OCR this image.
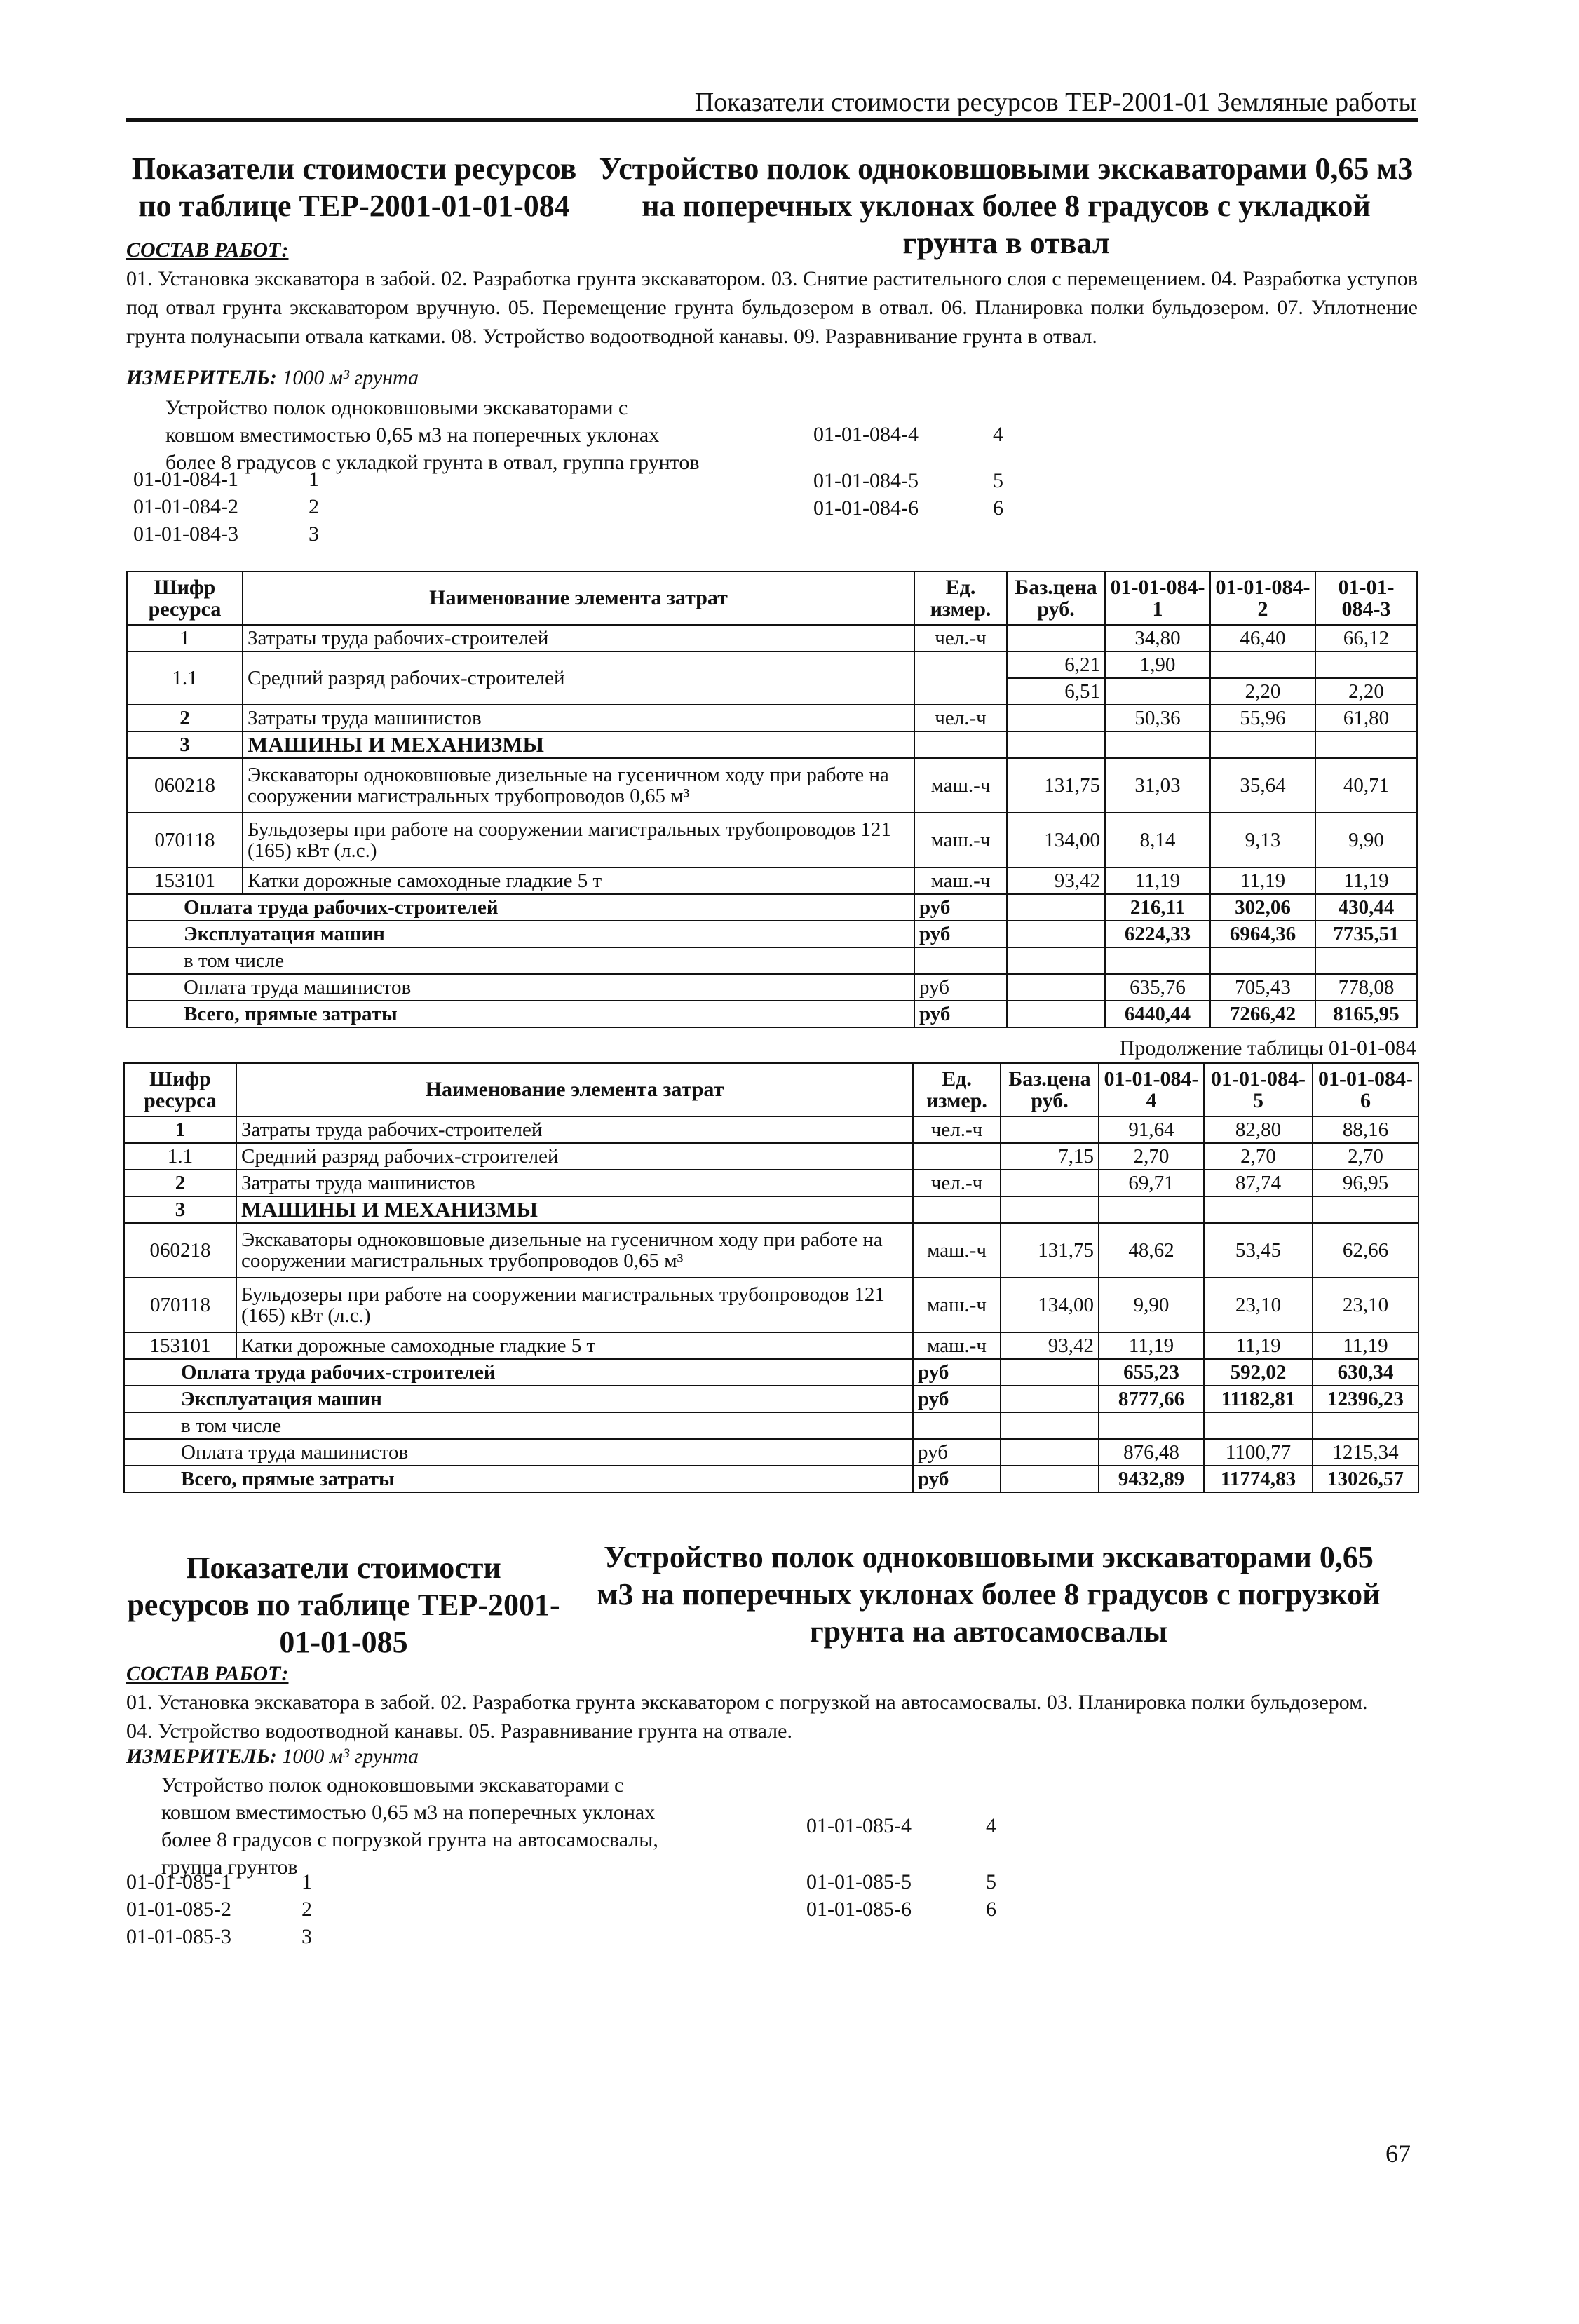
Показатели стоимости ресурсов ТЕР-2001-01 Земляные работы
Показатели стоимости ресурсов по таблице ТЕР-2001-01-01-084
Устройство полок одноковшовыми экскаваторами 0,65 м3 на поперечных уклонах более 8 градусов с укладкой грунта в отвал
СОСТАВ РАБОТ:
01. Установка экскаватора в забой. 02. Разработка грунта экскаватором. 03. Снятие растительного слоя с перемещением. 04. Разработка уступов под отвал грунта экскаватором вручную. 05. Перемещение грунта бульдозером в отвал. 06. Планировка полки бульдозером. 07. Уплотнение грунта полунасыпи отвала катками. 08. Устройство водоотводной канавы. 09. Разравнивание грунта в отвал.
ИЗМЕРИТЕЛЬ: 1000 м³ грунта
Устройство полок одноковшовыми экскаваторами с
ковшом вместимостью 0,65 м3 на поперечных уклонах
более 8 градусов с укладкой грунта в отвал, группа грунтов
01-01-084-1	1
01-01-084-2	2
01-01-084-3	3
01-01-084-4	4
01-01-084-5	5
01-01-084-6	6
Шифр ресурса	Наименование элемента затрат	Ед. измер.	Баз.цена руб.	01-01-084-1	01-01-084-2	01-01-084-3
1	Затраты труда рабочих-строителей	чел.-ч		34,80	46,40	66,12
1.1	Средний разряд рабочих-строителей		6,21	1,90		
			6,51		2,20	2,20
2	Затраты труда машинистов	чел.-ч		50,36	55,96	61,80
3	МАШИНЫ И МЕХАНИЗМЫ					
060218	Экскаваторы одноковшовые дизельные на гусеничном ходу при работе на сооружении магистральных трубопроводов 0,65 м³	маш.-ч	131,75	31,03	35,64	40,71
070118	Бульдозеры при работе на сооружении магистральных трубопроводов 121 (165) кВт (л.с.)	маш.-ч	134,00	8,14	9,13	9,90
153101	Катки дорожные самоходные гладкие 5 т	маш.-ч	93,42	11,19	11,19	11,19
Оплата труда рабочих-строителей		руб		216,11	302,06	430,44
Эксплуатация машин		руб		6224,33	6964,36	7735,51
в том числе						
Оплата труда машинистов		руб		635,76	705,43	778,08
Всего, прямые затраты		руб		6440,44	7266,42	8165,95
Продолжение таблицы 01-01-084
Шифр ресурса	Наименование элемента затрат	Ед. измер.	Баз.цена руб.	01-01-084-4	01-01-084-5	01-01-084-6
1	Затраты труда рабочих-строителей	чел.-ч		91,64	82,80	88,16
1.1	Средний разряд рабочих-строителей		7,15	2,70	2,70	2,70
2	Затраты труда машинистов	чел.-ч		69,71	87,74	96,95
3	МАШИНЫ И МЕХАНИЗМЫ					
060218	Экскаваторы одноковшовые дизельные на гусеничном ходу при работе на сооружении магистральных трубопроводов 0,65 м³	маш.-ч	131,75	48,62	53,45	62,66
070118	Бульдозеры при работе на сооружении магистральных трубопроводов 121 (165) кВт (л.с.)	маш.-ч	134,00	9,90	23,10	23,10
153101	Катки дорожные самоходные гладкие 5 т	маш.-ч	93,42	11,19	11,19	11,19
Оплата труда рабочих-строителей		руб		655,23	592,02	630,34
Эксплуатация машин		руб		8777,66	11182,81	12396,23
в том числе						
Оплата труда машинистов		руб		876,48	1100,77	1215,34
Всего, прямые затраты		руб		9432,89	11774,83	13026,57
Показатели стоимости ресурсов по таблице ТЕР-2001-01-01-085
Устройство полок одноковшовыми экскаваторами 0,65 м3 на поперечных уклонах более 8 градусов с погрузкой грунта на автосамосвалы
СОСТАВ РАБОТ:
01. Установка экскаватора в забой. 02. Разработка грунта экскаватором с погрузкой на автосамосвалы. 03. Планировка полки бульдозером. 04. Устройство водоотводной канавы. 05. Разравнивание грунта на отвале.
ИЗМЕРИТЕЛЬ: 1000 м³ грунта
Устройство полок одноковшовыми экскаваторами с
ковшом вместимостью 0,65 м3 на поперечных уклонах
более 8 градусов с погрузкой грунта на автосамосвалы,
группа грунтов
01-01-085-1	1
01-01-085-2	2
01-01-085-3	3
01-01-085-4	4
01-01-085-5	5
01-01-085-6	6
67
